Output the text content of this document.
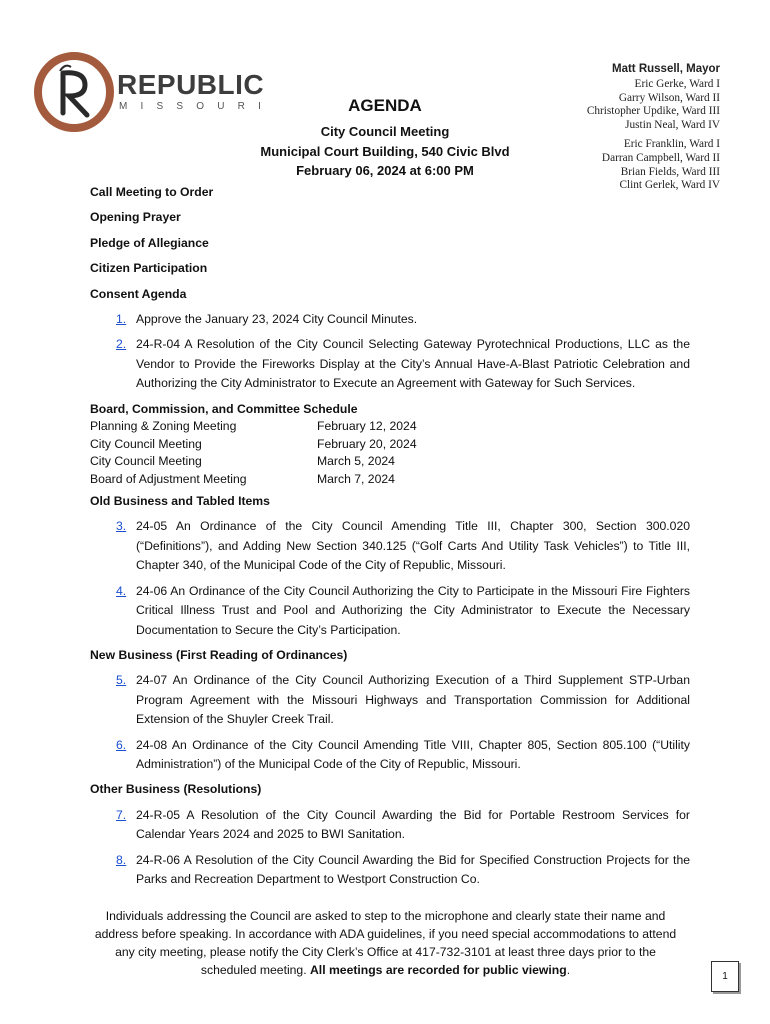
REPUBLIC
MISSOURI
Matt Russell, Mayor
Eric Gerke, Ward I
Garry Wilson, Ward II
Christopher Updike, Ward III
Justin Neal, Ward IV
Eric Franklin, Ward I
Darran Campbell, Ward II
Brian Fields, Ward III
Clint Gerlek, Ward IV
AGENDA
City Council Meeting
Municipal Court Building, 540 Civic Blvd
February 06, 2024 at 6:00 PM
Call Meeting to Order
Opening Prayer
Pledge of Allegiance
Citizen Participation
Consent Agenda
1. Approve the January 23, 2024 City Council Minutes.
2. 24-R-04 A Resolution of the City Council Selecting Gateway Pyrotechnical Productions, LLC as the Vendor to Provide the Fireworks Display at the City’s Annual Have-A-Blast Patriotic Celebration and Authorizing the City Administrator to Execute an Agreement with Gateway for Such Services.
Board, Commission, and Committee Schedule
Planning & Zoning Meeting	February 12, 2024
City Council Meeting	February 20, 2024
City Council Meeting	March 5, 2024
Board of Adjustment Meeting	March 7, 2024
Old Business and Tabled Items
3. 24-05 An Ordinance of the City Council Amending Title III, Chapter 300, Section 300.020 (“Definitions”), and Adding New Section 340.125 (“Golf Carts And Utility Task Vehicles”) to Title III, Chapter 340, of the Municipal Code of the City of Republic, Missouri.
4. 24-06 An Ordinance of the City Council Authorizing the City to Participate in the Missouri Fire Fighters Critical Illness Trust and Pool and Authorizing the City Administrator to Execute the Necessary Documentation to Secure the City’s Participation.
New Business (First Reading of Ordinances)
5. 24-07 An Ordinance of the City Council Authorizing Execution of a Third Supplement STP-Urban Program Agreement with the Missouri Highways and Transportation Commission for Additional Extension of the Shuyler Creek Trail.
6. 24-08 An Ordinance of the City Council Amending Title VIII, Chapter 805, Section 805.100 (“Utility Administration”) of the Municipal Code of the City of Republic, Missouri.
Other Business (Resolutions)
7. 24-R-05 A Resolution of the City Council Awarding the Bid for Portable Restroom Services for Calendar Years 2024 and 2025 to BWI Sanitation.
8. 24-R-06 A Resolution of the City Council Awarding the Bid for Specified Construction Projects for the Parks and Recreation Department to Westport Construction Co.
Individuals addressing the Council are asked to step to the microphone and clearly state their name and address before speaking. In accordance with ADA guidelines, if you need special accommodations to attend any city meeting, please notify the City Clerk’s Office at 417-732-3101 at least three days prior to the scheduled meeting. All meetings are recorded for public viewing.	1
